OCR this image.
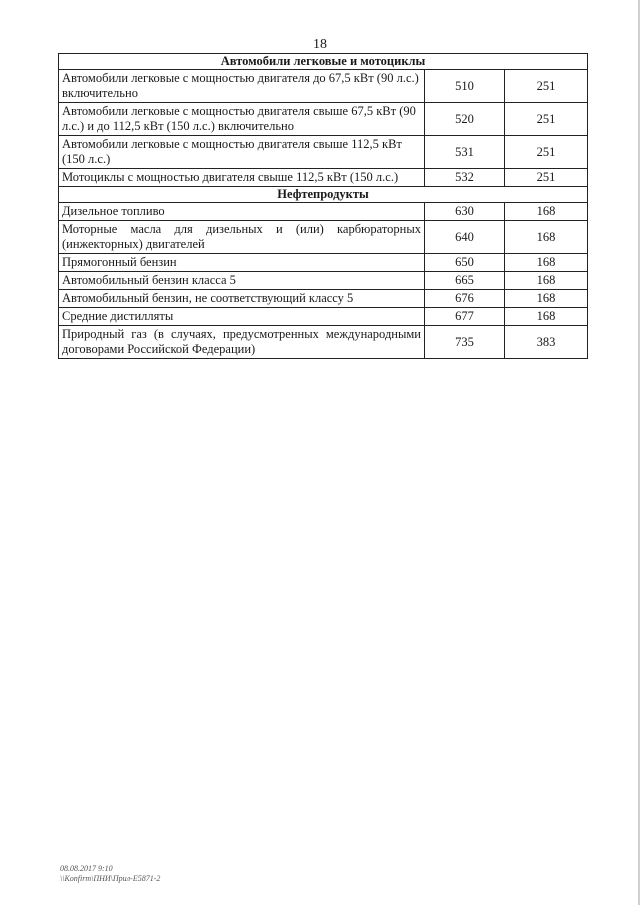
18
Автомобили легковые и мотоциклы		
Автомобили легковые с мощностью двигателя до 67,5 кВт (90 л.с.) включительно	510	251
Автомобили легковые с мощностью двигателя свыше 67,5 кВт (90 л.с.) и до 112,5 кВт (150 л.с.) включительно	520	251
Автомобили легковые с мощностью двигателя свыше 112,5 кВт (150 л.с.)	531	251
Мотоциклы с мощностью двигателя свыше 112,5 кВт (150 л.с.)	532	251
Нефтепродукты		
Дизельное топливо	630	168
Моторные масла для дизельных и (или) карбюраторных (инжекторных) двигателей	640	168
Прямогонный бензин	650	168
Автомобильный бензин класса 5	665	168
Автомобильный бензин, не соответствующий классу 5	676	168
Средние дистилляты	677	168
Природный газ (в случаях, предусмотренных международными договорами Российской Федерации)	735	383
08.08.2017 9:10
\\Konfirm\ПНИ\Прил-Е5871-2
